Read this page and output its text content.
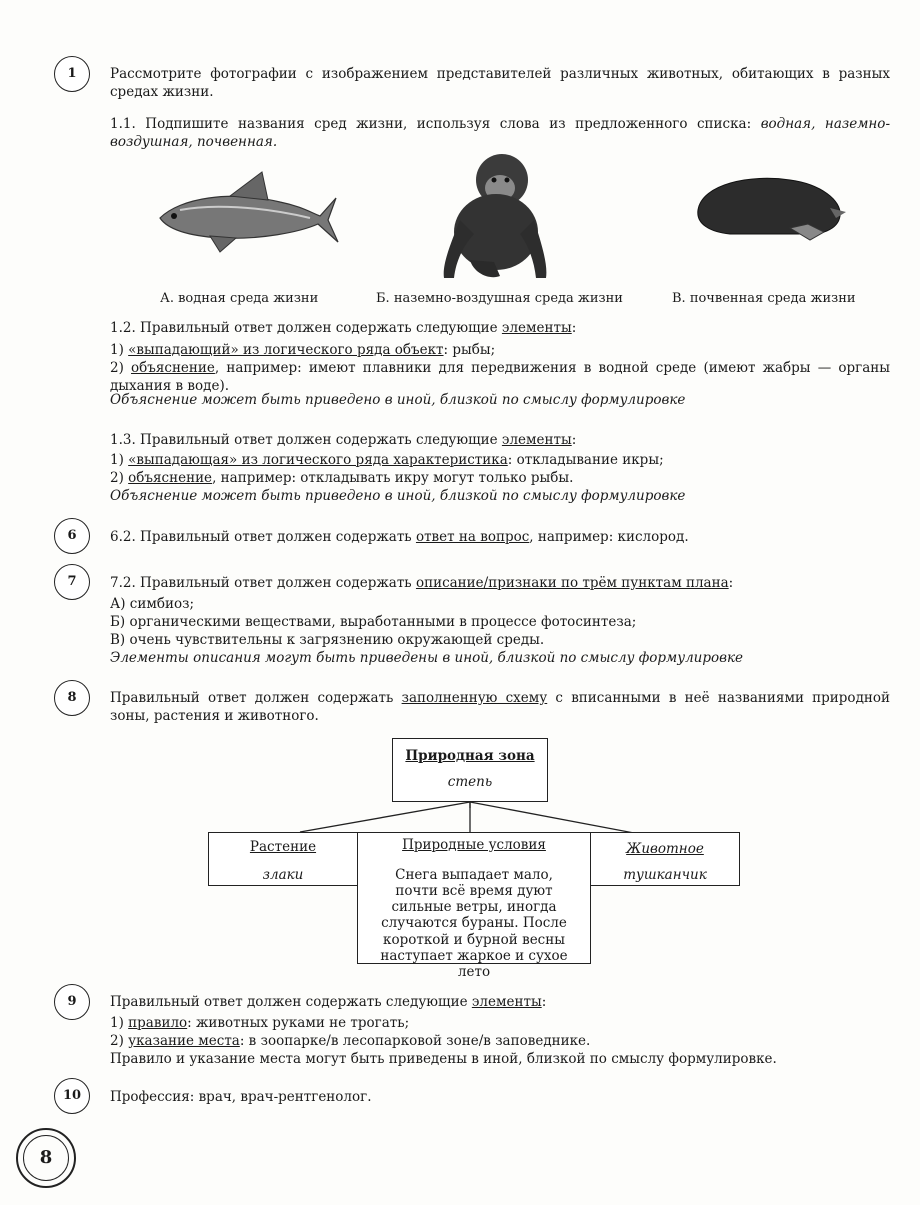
1	Рассмотрите фотографии с изображением представителей различных животных, обитающих в разных средах жизни.

1.1. Подпишите названия сред жизни, используя слова из предложенного списка: водная, наземно-воздушная, почвенная.

А. водная среда жизни	Б. наземно-воздушная среда жизни	В. почвенная среда жизни

1.2. Правильный ответ должен содержать следующие элементы:

1) «выпадающий» из логического ряда объект: рыбы;

2) объяснение, например: имеют плавники для передвижения в водной среде (имеют жабры — органы дыхания в воде).

Объяснение может быть приведено в иной, близкой по смыслу формулировке

1.3. Правильный ответ должен содержать следующие элементы:

1) «выпадающая» из логического ряда характеристика: откладывание икры;

2) объяснение, например: откладывать икру могут только рыбы.

Объяснение может быть приведено в иной, близкой по смыслу формулировке

6	6.2. Правильный ответ должен содержать ответ на вопрос, например: кислород.

7	7.2. Правильный ответ должен содержать описание/признаки по трём пунктам плана:

А) симбиоз;

Б) органическими веществами, выработанными в процессе фотосинтеза;

В) очень чувствительны к загрязнению окружающей среды.

Элементы описания могут быть приведены в иной, близкой по смыслу формулировке

8	Правильный ответ должен содержать заполненную схему с вписанными в неё названиями природной зоны, растения и животного.

Природная зона
степь
Растение
злаки
Природные условия
Снега выпадает мало, почти всё время дуют сильные ветры, иногда случаются бураны. После короткой и бурной весны наступает жаркое и сухое лето
Животное
тушканчик
9	Правильный ответ должен содержать следующие элементы:

1) правило: животных руками не трогать;

2) указание места: в зоопарке/в лесопарковой зоне/в заповеднике.

Правило и указание места могут быть приведены в иной, близкой по смыслу формулировке.

10	Профессия: врач, врач-рентгенолог.

8
